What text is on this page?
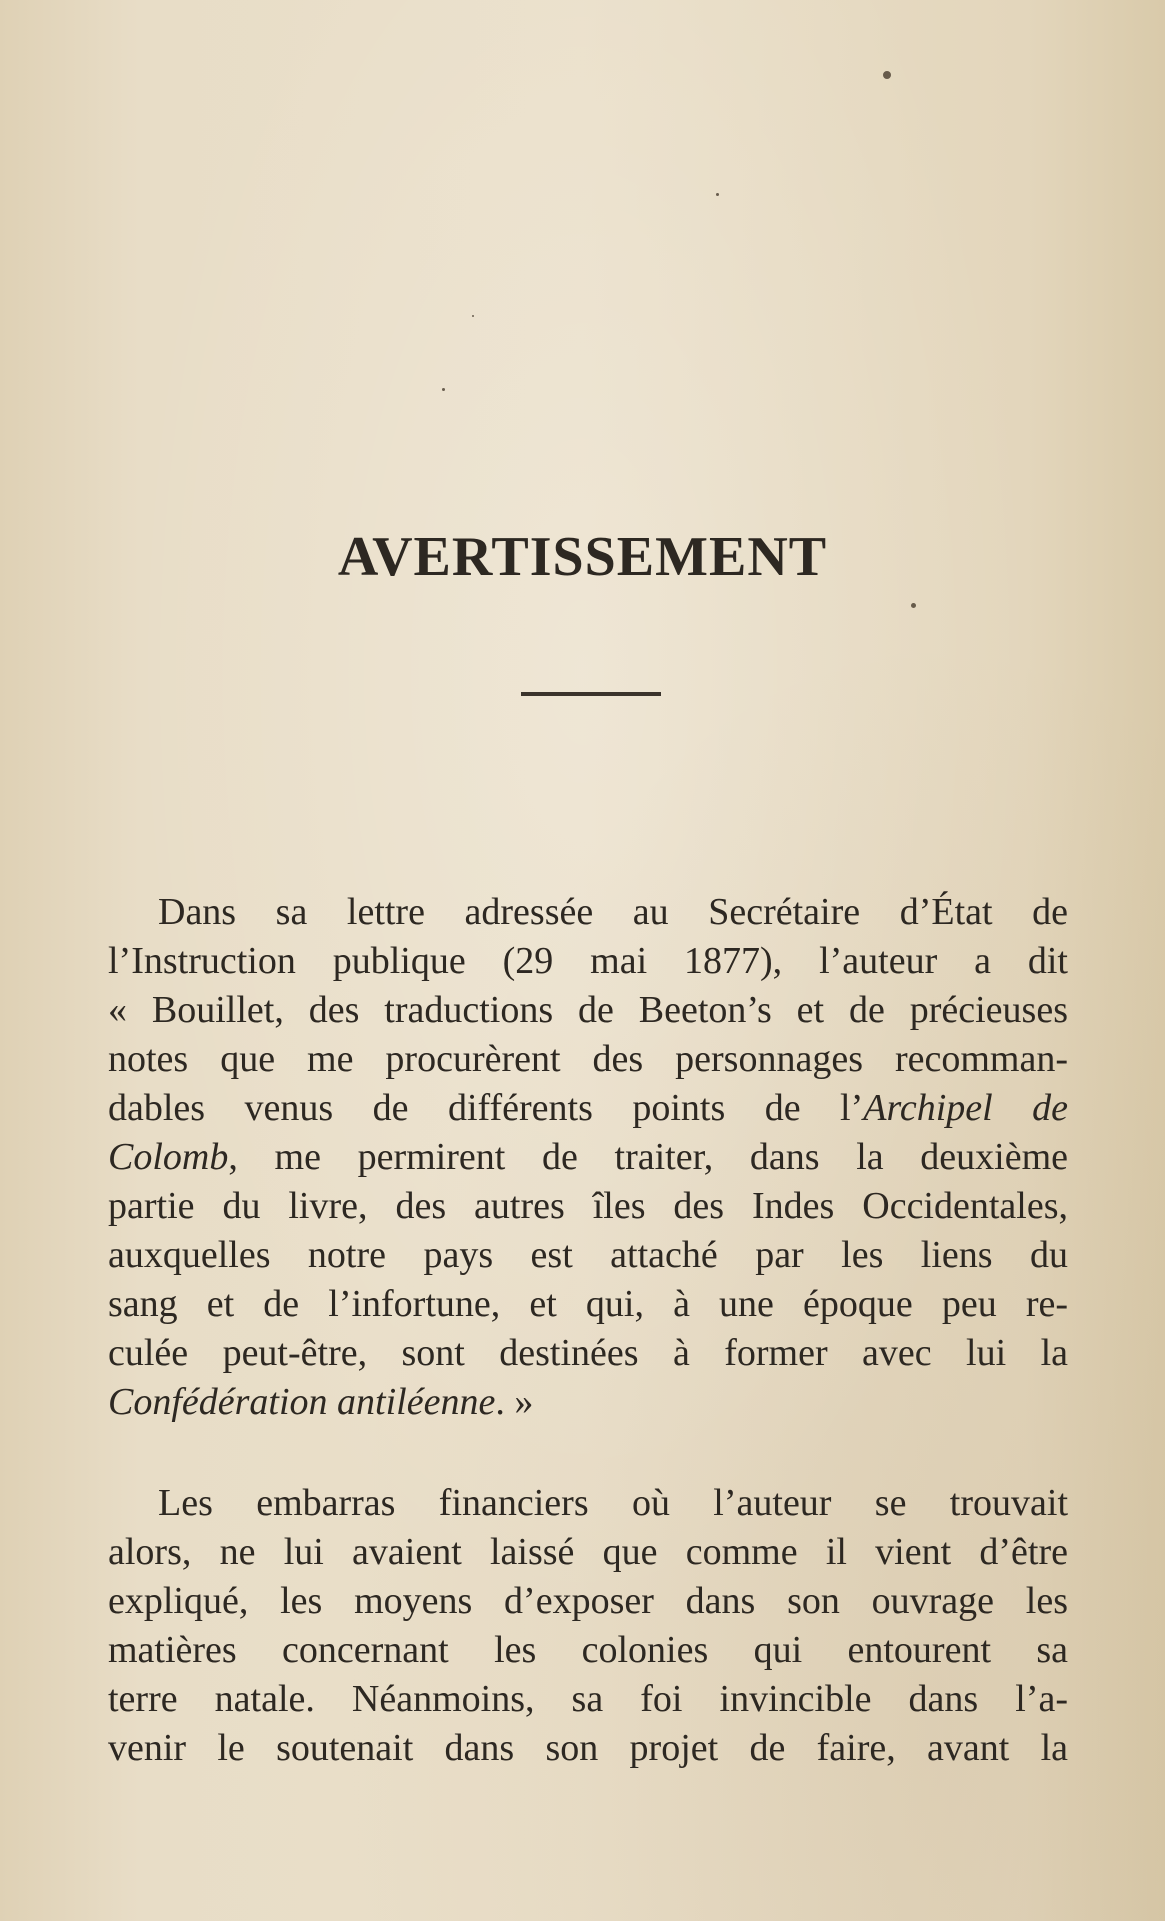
AVERTISSEMENT
Dans sa lettre adressée au Secrétaire d’État de
l’Instruction publique (29 mai 1877), l’auteur a dit
« Bouillet, des traductions de Beeton’s et de précieuses
notes que me procurèrent des personnages recomman-
dables venus de différents points de l’Archipel de
Colomb, me permirent de traiter, dans la deuxième
partie du livre, des autres îles des Indes Occidentales,
auxquelles notre pays est attaché par les liens du
sang et de l’infortune, et qui, à une époque peu re-
culée peut-être, sont destinées à former avec lui la
Confédération antiléenne. »
Les embarras financiers où l’auteur se trouvait
alors, ne lui avaient laissé que comme il vient d’être
expliqué, les moyens d’exposer dans son ouvrage les
matières concernant les colonies qui entourent sa
terre natale. Néanmoins, sa foi invincible dans l’a-
venir le soutenait dans son projet de faire, avant la
